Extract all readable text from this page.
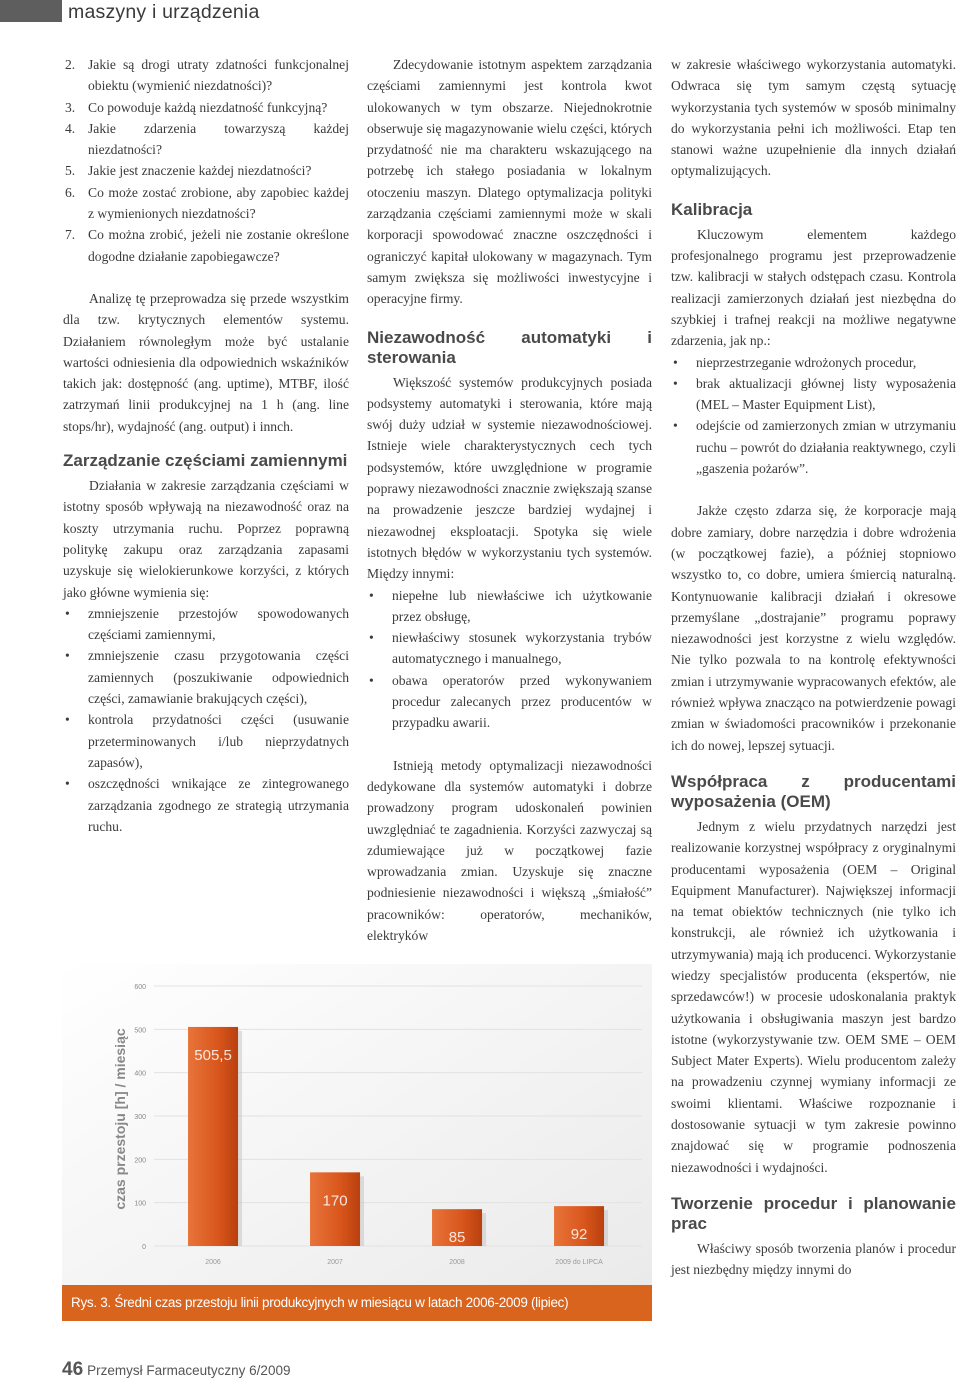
maszyny i urządzenia
2. Jakie są drogi utraty zdatności funkcjonalnej obiektu (wymienić niezdatności)?
3. Co powoduje każdą niezdatność funkcyjną?
4. Jakie zdarzenia towarzyszą każdej niezdatności?
5. Jakie jest znaczenie każdej niezdatności?
6. Co może zostać zrobione, aby zapobiec każdej z wymienionych niezdatności?
7. Co można zrobić, jeżeli nie zostanie określone dogodne działanie zapobiegawcze?

Analizę tę przeprowadza się przede wszystkim dla tzw. krytycznych elementów systemu. Działaniem równoległym może być ustalanie wartości odniesienia dla odpowiednich wskaźników takich jak: dostępność (ang. uptime), MTBF, ilość zatrzymań linii produkcyjnej na 1 h (ang. line stops/hr), wydajność (ang. output) i innch.

Zarządzanie częściami zamiennymi

Działania w zakresie zarządzania częściami w istotny sposób wpływają na niezawodność oraz na koszty utrzymania ruchu. Poprzez poprawną politykę zakupu oraz zarządzania zapasami uzyskuje się wielokierunkowe korzyści, z których jako główne wymienia się:

• zmniejszenie przestojów spowodowanych częściami zamiennymi,
• zmniejszenie czasu przygotowania części zamiennych (poszukiwanie odpowiednich części, zamawianie brakujących części),
• kontrola przydatności części (usuwanie przeterminowanych i/lub nieprzydatnych zapasów),
• oszczędności wnikające ze zintegrowanego zarządzania zgodnego ze strategią utrzymania ruchu.

Zdecydowanie istotnym aspektem zarządzania częściami zamiennymi jest kontrola kwot ulokowanych w tym obszarze. Niejednokrotnie obserwuje się magazynowanie wielu części, których przydatność nie ma charakteru wskazującego na potrzebę ich stałego posiadania w lokalnym otoczeniu maszyn. Dlatego optymalizacja polityki zarządzania częściami zamiennymi może w skali korporacji spowodować znaczne oszczędności i ograniczyć kapitał ulokowany w magazynach. Tym samym zwiększa się możliwości inwestycyjne i operacyjne firmy.

Niezawodność automatyki i sterowania

Większość systemów produkcyjnych posiada podsystemy automatyki i sterowania, które mają swój duży udział w systemie niezawodnościowej. Istnieje wiele charakterystycznych cech tych podsystemów, które uwzględnione w programie poprawy niezawodności znacznie zwiększają szanse na prowadzenie jeszcze bardziej wydajnej i niezawodnej eksploatacji. Spotyka się wiele istotnych błędów w wykorzystaniu tych systemów. Między innymi:

• niepełne lub niewłaściwe ich użytkowanie przez obsługę,
• niewłaściwy stosunek wykorzystania trybów automatycznego i manualnego,
• obawa operatorów przed wykonywaniem procedur zalecanych przez producentów w przypadku awarii.

Istnieją metody optymalizacji niezawodności dedykowane dla systemów automatyki i dobrze prowadzony program udoskonaleń powinien uwzględniać te zagadnienia. Korzyści zazwyczaj są zdumiewające już w początkowej fazie wprowadzania zmian. Uzyskuje się znaczne podniesienie niezawodności i większą „śmiałość” pracowników: operatorów, mechaników, elektryków

w zakresie właściwego wykorzystania automatyki. Odwraca się tym samym częstą sytuację wykorzystania tych systemów w sposób minimalny do wykorzystania pełni ich możliwości. Etap ten stanowi ważne uzupełnienie dla innych działań optymalizujących.

Kalibracja

Kluczowym elementem każdego profesjonalnego programu jest przeprowadzenie tzw. kalibracji w stałych odstępach czasu. Kontrola realizacji zamierzonych działań jest niezbędna do szybkiej i trafnej reakcji na możliwe negatywne zdarzenia, jak np.:

• nieprzestrzeganie wdrożonych procedur,
• brak aktualizacji głównej listy wyposażenia (MEL – Master Equipment List),
• odejście od zamierzonych zmian w utrzymaniu ruchu – powrót do działania reaktywnego, czyli „gaszenia pożarów”.

Jakże często zdarza się, że korporacje mają dobre zamiary, dobre narzędzia i dobre wdrożenia (w początkowej fazie), a później stopniowo wszystko to, co dobre, umiera śmiercią naturalną. Kontynuowanie kalibracji działań i okresowe przemyślane „dostrajanie” programu poprawy niezawodności jest korzystne z wielu względów. Nie tylko pozwala to na kontrolę efektywności zmian i utrzymywanie wypracowanych efektów, ale również wpływa znacząco na potwierdzenie powagi zmian w świadomości pracowników i przekonanie ich do nowej, lepszej sytuacji.

Współpraca z producentami wyposażenia (OEM)

Jednym z wielu przydatnych narzędzi jest realizowanie korzystnej współpracy z oryginalnymi producentami wyposażenia (OEM – Original Equipment Manufacturer). Największej informacji na temat obiektów technicznych (nie tylko ich konstrukcji, ale również ich użytkowania i utrzymywania) mają ich producenci. Wykorzystanie wiedzy specjalistów producenta (ekspertów, nie sprzedawców!) w procesie udoskonalania praktyk użytkowania i obsługiwania maszyn jest bardzo istotne (wykorzystywanie tzw. OEM SME – OEM Subject Mater Experts). Wielu producentom zależy na prowadzeniu czynnej wymiany informacji ze swoimi klientami. Właściwe rozpoznanie i dostosowanie sytuacji w tym zakresie powinno znajdować się w programie podnoszenia niezawodności i wydajności.

Tworzenie procedur i planowanie prac

Właściwy sposób tworzenia planów i procedur jest niezbędny między innymi do

0
100
200
300
400
500
600
505,5
2006
170
2007
85
2008
92
2009 do LIPCA
czas przestoju [h] / miesiąc
Rys. 3. Średni czas przestoju linii produkcyjnych w miesiącu w latach 2006-2009 (lipiec)
46 Przemysł Farmaceutyczny 6/2009
